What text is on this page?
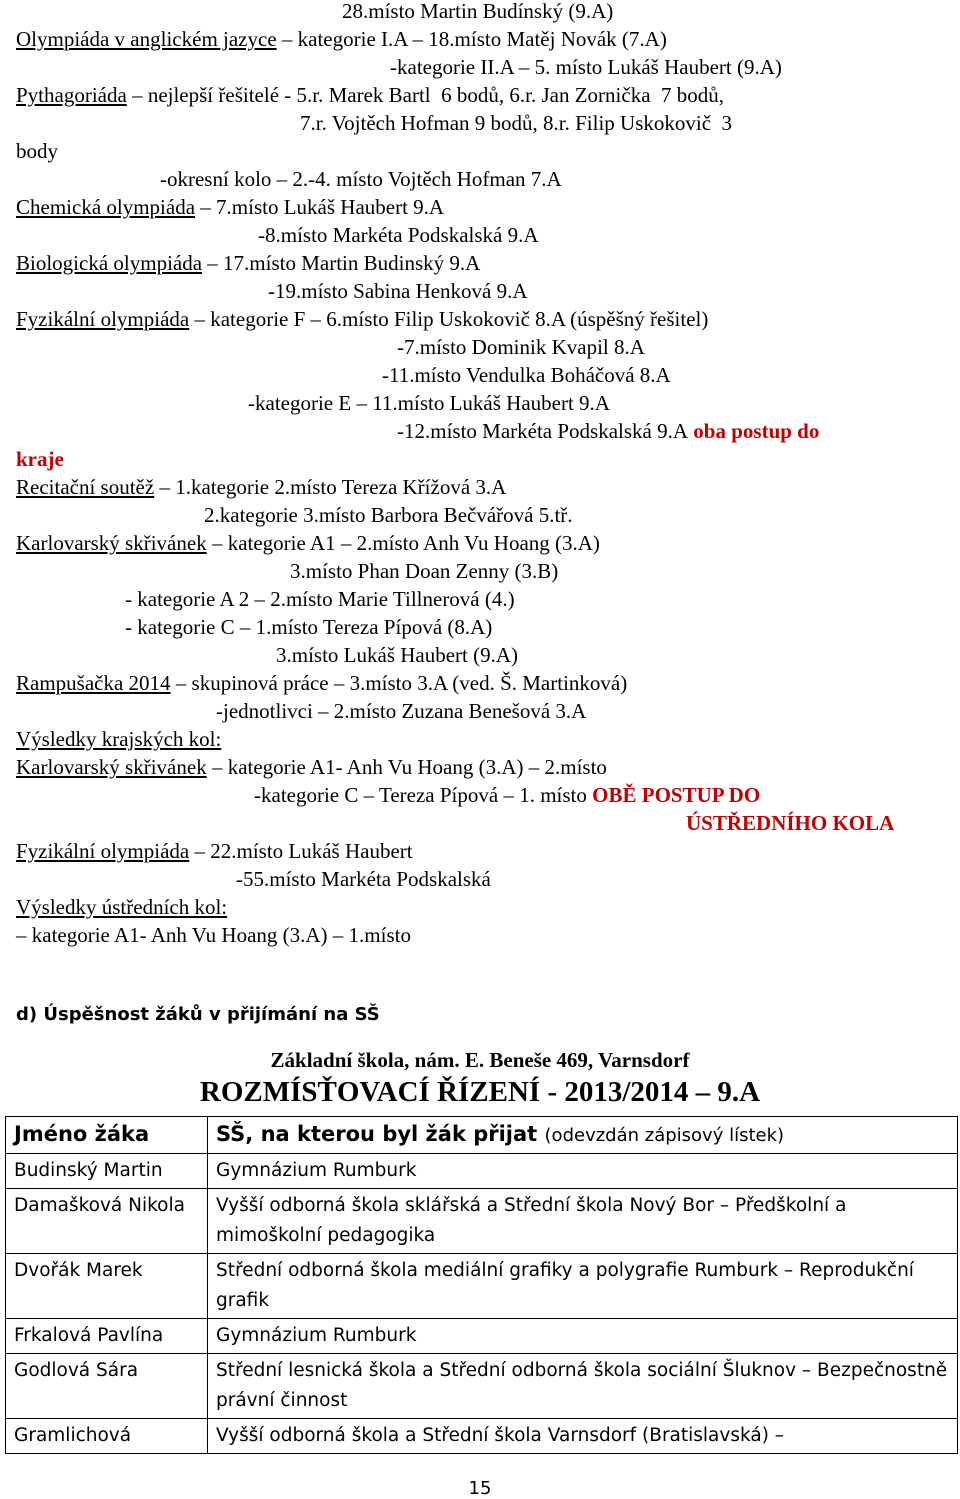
28.místo Martin Budínský (9.A)
Olympiáda v anglickém jazyce – kategorie I.A – 18.místo Matěj Novák (7.A)
-kategorie II.A – 5. místo Lukáš Haubert (9.A)
Pythagoriáda – nejlepší řešitelé - 5.r. Marek Bartl  6 bodů, 6.r. Jan Zornička  7 bodů,
7.r. Vojtěch Hofman 9 bodů, 8.r. Filip Uskokovič  3
body
-okresní kolo – 2.-4. místo Vojtěch Hofman 7.A
Chemická olympiáda – 7.místo Lukáš Haubert 9.A
-8.místo Markéta Podskalská 9.A
Biologická olympiáda – 17.místo Martin Budinský 9.A
-19.místo Sabina Henková 9.A
Fyzikální olympiáda – kategorie F – 6.místo Filip Uskokovič 8.A (úspěšný řešitel)
-7.místo Dominik Kvapil 8.A
-11.místo Vendulka Boháčová 8.A
-kategorie E – 11.místo Lukáš Haubert 9.A
-12.místo Markéta Podskalská 9.A oba postup do
kraje
Recitační soutěž – 1.kategorie 2.místo Tereza Křížová 3.A
2.kategorie 3.místo Barbora Bečvářová 5.tř.
Karlovarský skřivánek – kategorie A1 – 2.místo Anh Vu Hoang (3.A)
3.místo Phan Doan Zenny (3.B)
- kategorie A 2 – 2.místo Marie Tillnerová (4.)
- kategorie C – 1.místo Tereza Pípová (8.A)
3.místo Lukáš Haubert (9.A)
Rampušačka 2014 – skupinová práce – 3.místo 3.A (ved. Š. Martinková)
-jednotlivci – 2.místo Zuzana Benešová 3.A
Výsledky krajských kol:
Karlovarský skřivánek – kategorie A1- Anh Vu Hoang (3.A) – 2.místo
-kategorie C – Tereza Pípová – 1. místo OBĚ POSTUP DO
ÚSTŘEDNÍHO KOLA
Fyzikální olympiáda – 22.místo Lukáš Haubert
-55.místo Markéta Podskalská
Výsledky ústředních kol:
– kategorie A1- Anh Vu Hoang (3.A) – 1.místo
d) Úspěšnost žáků v přijímání na SŠ
Základní škola, nám. E. Beneše 469, Varnsdorf
ROZMÍSŤOVACÍ ŘÍZENÍ - 2013/2014 – 9.A
Jméno žáka	SŠ, na kterou byl žák přijat (odevzdán zápisový lístek)
Budinský Martin	Gymnázium Rumburk
Damašková Nikola	Vyšší odborná škola sklářská a Střední škola Nový Bor – Předškolní a mimoškolní pedagogika
Dvořák Marek	Střední odborná škola mediální grafiky a polygrafie Rumburk – Reprodukční grafik
Frkalová Pavlína	Gymnázium Rumburk
Godlová Sára	Střední lesnická škola a Střední odborná škola sociální Šluknov – Bezpečnostně právní činnost
Gramlichová	Vyšší odborná škola a Střední škola Varnsdorf (Bratislavská) –
15
